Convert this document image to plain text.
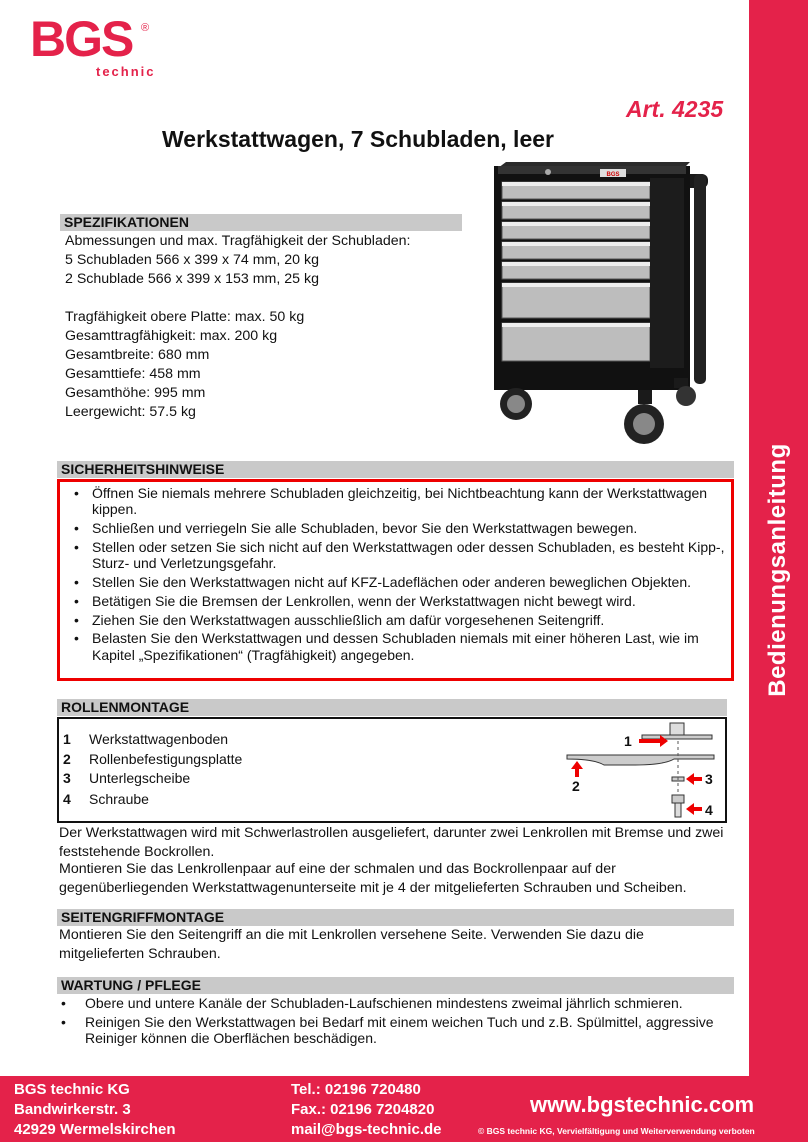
BGS ®
technic
Art. 4235
Werkstattwagen, 7 Schubladen, leer
Bedienungsanleitung
BGS
SPEZIFIKATIONEN
Abmessungen und max. Tragfähigkeit der Schubladen:
5 Schubladen 566 x 399 x 74 mm, 20 kg
2 Schublade 566 x 399 x 153 mm, 25 kg
Tragfähigkeit obere Platte: max. 50 kg
Gesamttragfähigkeit: max. 200 kg
Gesamtbreite: 680 mm
Gesamttiefe: 458 mm
Gesamthöhe: 995 mm
Leergewicht: 57.5 kg
SICHERHEITSHINWEISE
• Öffnen Sie niemals mehrere Schubladen gleichzeitig, bei Nichtbeachtung kann der Werkstattwagen kippen.
• Schließen und verriegeln Sie alle Schubladen, bevor Sie den Werkstattwagen bewegen.
• Stellen oder setzen Sie sich nicht auf den Werkstattwagen oder dessen Schubladen, es besteht Kipp-, Sturz- und Verletzungsgefahr.
• Stellen Sie den Werkstattwagen nicht auf KFZ-Ladeflächen oder anderen beweglichen Objekten.
• Betätigen Sie die Bremsen der Lenkrollen, wenn der Werkstattwagen nicht bewegt wird.
• Ziehen Sie den Werkstattwagen ausschließlich am dafür vorgesehenen Seitengriff.
• Belasten Sie den Werkstattwagen und dessen Schubladen niemals mit einer höheren Last, wie im Kapitel „Spezifikationen“ (Tragfähigkeit) angegeben.
ROLLENMONTAGE
1 Werkstattwagenboden
2 Rollenbefestigungsplatte
3 Unterlegscheibe
4 Schraube
1
2	3
4
Der Werkstattwagen wird mit Schwerlastrollen ausgeliefert, darunter zwei Lenkrollen mit Bremse und zwei feststehende Bockrollen.
Montieren Sie das Lenkrollenpaar auf eine der schmalen und das Bockrollenpaar auf der gegenüberliegenden Werkstattwagenunterseite mit je 4 der mitgelieferten Schrauben und Scheiben.
SEITENGRIFFMONTAGE
Montieren Sie den Seitengriff an die mit Lenkrollen versehene Seite. Verwenden Sie dazu die mitgelieferten Schrauben.
WARTUNG / PFLEGE
• Obere und untere Kanäle der Schubladen-Laufschienen mindestens zweimal jährlich schmieren.
• Reinigen Sie den Werkstattwagen bei Bedarf mit einem weichen Tuch und z.B. Spülmittel, aggressive Reiniger können die Oberflächen beschädigen.
BGS technic KG
Bandwirkerstr. 3
42929 Wermelskirchen
Tel.: 02196 720480
Fax.: 02196 7204820
mail@bgs-technic.de
www.bgstechnic.com
© BGS technic KG, Vervielfältigung und Weiterverwendung verboten
